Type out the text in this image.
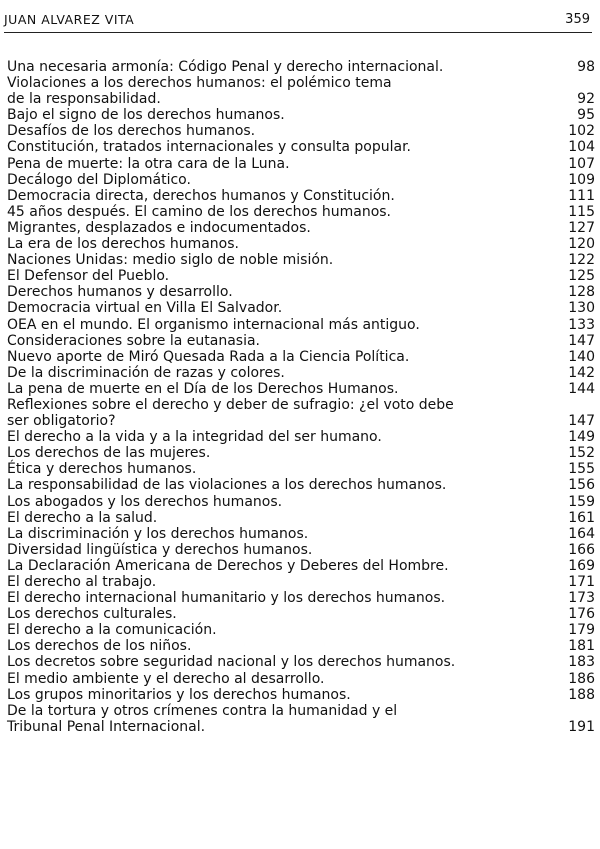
JUAN ALVAREZ VITA	359
Una necesaria armonía: Código Penal y derecho internacional.	98
Violaciones a los derechos humanos: el polémico tema
de la responsabilidad.	92
Bajo el signo de los derechos humanos.	95
Desafíos de los derechos humanos.	102
Constitución, tratados internacionales y consulta popular.	104
Pena de muerte: la otra cara de la Luna.	107
Decálogo del Diplomático.	109
Democracia directa, derechos humanos y Constitución.	111
45 años después. El camino de los derechos humanos.	115
Migrantes, desplazados e indocumentados.	127
La era de los derechos humanos.	120
Naciones Unidas: medio siglo de noble misión.	122
El Defensor del Pueblo.	125
Derechos humanos y desarrollo.	128
Democracia virtual en Villa El Salvador.	130
OEA en el mundo. El organismo internacional más antiguo.	133
Consideraciones sobre la eutanasia.	147
Nuevo aporte de Miró Quesada Rada a la Ciencia Política.	140
De la discriminación de razas y colores.	142
La pena de muerte en el Día de los Derechos Humanos.	144
Reflexiones sobre el derecho y deber de sufragio: ¿el voto debe
ser obligatorio?	147
El derecho a la vida y a la integridad del ser humano.	149
Los derechos de las mujeres.	152
Ética y derechos humanos.	155
La responsabilidad de las violaciones a los derechos humanos.	156
Los abogados y los derechos humanos.	159
El derecho a la salud.	161
La discriminación y los derechos humanos.	164
Diversidad lingüística y derechos humanos.	166
La Declaración Americana de Derechos y Deberes del Hombre.	169
El derecho al trabajo.	171
El derecho internacional humanitario y los derechos humanos.	173
Los derechos culturales.	176
El derecho a la comunicación.	179
Los derechos de los niños.	181
Los decretos sobre seguridad nacional y los derechos humanos.	183
El medio ambiente y el derecho al desarrollo.	186
Los grupos minoritarios y los derechos humanos.	188
De la tortura y otros crímenes contra la humanidad y el
Tribunal Penal Internacional.	191
